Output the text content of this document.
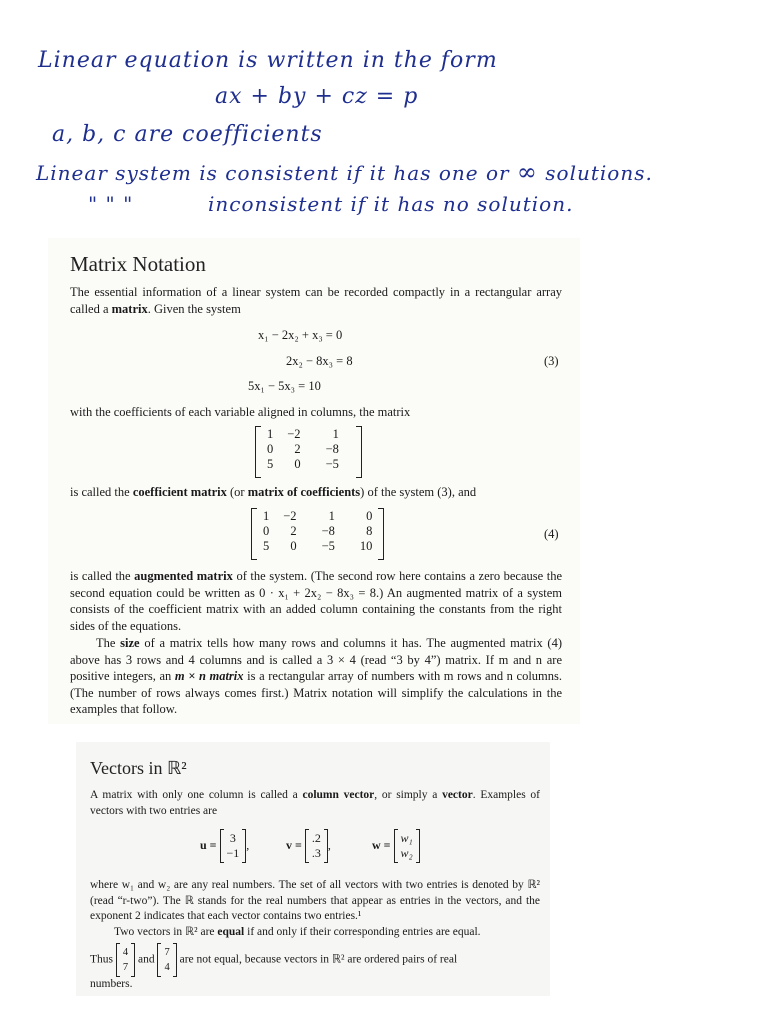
Linear equation is written in the form
ax + by + cz = p
a, b, c are coefficients
Linear system is consistent if it has one or ∞ solutions.
" " "	inconsistent if it has no solution.
Matrix Notation
The essential information of a linear system can be recorded compactly in a rectangular array called a matrix. Given the system
x₁ − 2x₂ + x₃ = 0
2x₂ − 8x₃ = 8
5x₁ − 5x₃ = 10
(3)
with the coefficients of each variable aligned in columns, the matrix
1	−2	1
0	2	−8
5	0	−5
is called the coefficient matrix (or matrix of coefficients) of the system (3), and
1	−2	1	0
0	2	−8	8
5	0	−5	10
(4)
is called the augmented matrix of the system. (The second row here contains a zero because the second equation could be written as 0 · x₁ + 2x₂ − 8x₃ = 8.) An augmented matrix of a system consists of the coefficient matrix with an added column containing the constants from the right sides of the equations.
The size of a matrix tells how many rows and columns it has. The augmented matrix (4) above has 3 rows and 4 columns and is called a 3 × 4 (read “3 by 4”) matrix. If m and n are positive integers, an m × n matrix is a rectangular array of numbers with m rows and n columns. (The number of rows always comes first.) Matrix notation will simplify the calculations in the examples that follow.
Vectors in ℝ²
A matrix with only one column is called a column vector, or simply a vector. Examples of vectors with two entries are
u = 3
−1,	v = .2
.3,	w = w₁
w₂
where w₁ and w₂ are any real numbers. The set of all vectors with two entries is denoted by ℝ² (read “r-two”). The ℝ stands for the real numbers that appear as entries in the vectors, and the exponent 2 indicates that each vector contains two entries.¹
Two vectors in ℝ² are equal if and only if their corresponding entries are equal.
Thus 4
7 and 7
4 are not equal, because vectors in ℝ² are ordered pairs of real
numbers.
